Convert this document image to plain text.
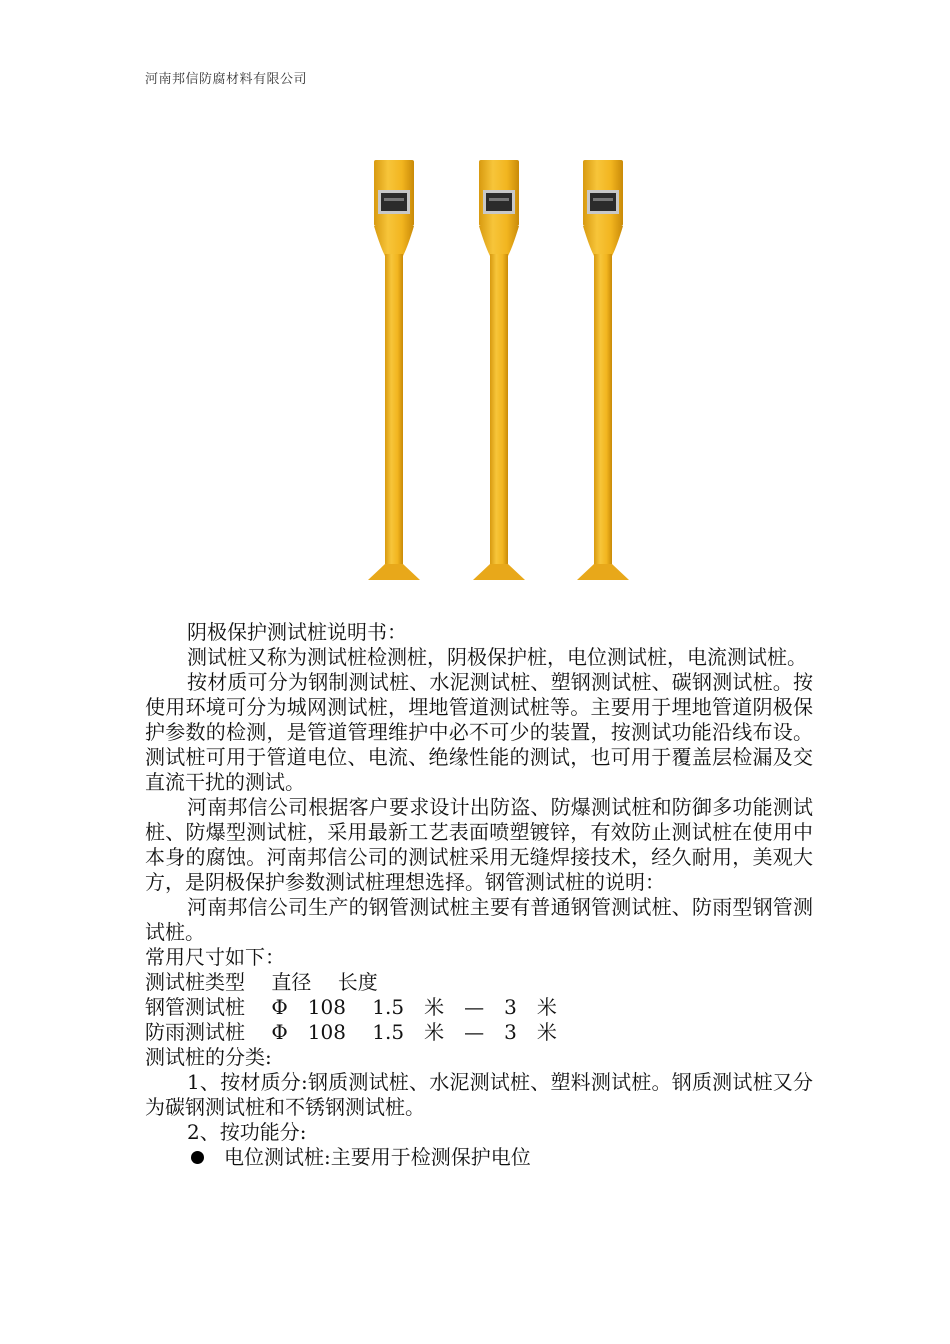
河南邦信防腐材料有限公司

阴极保护测试桩说明书：

测试桩又称为测试桩检测桩，阴极保护桩，电位测试桩，电流测试桩。

按材质可分为钢制测试桩、水泥测试桩、塑钢测试桩、碳钢测试桩。按使用环境可分为城网测试桩，埋地管道测试桩等。主要用于埋地管道阴极保护参数的检测，是管道管理维护中必不可少的装置，按测试功能沿线布设。测试桩可用于管道电位、电流、绝缘性能的测试，也可用于覆盖层检漏及交直流干扰的测试。

河南邦信公司根据客户要求设计出防盗、防爆测试桩和防御多功能测试桩、防爆型测试桩，采用最新工艺表面喷塑镀锌，有效防止测试桩在使用中本身的腐蚀。河南邦信公司的测试桩采用无缝焊接技术，经久耐用，美观大方，是阴极保护参数测试桩理想选择。钢管测试桩的说明：

河南邦信公司生产的钢管测试桩主要有普通钢管测试桩、防雨型钢管测试桩。

常用尺寸如下：

测试桩类型　 直径　 长度

钢管测试桩　 Φ　108　 1.5　米　—　3　米

防雨测试桩　 Φ　108　 1.5　米　—　3　米

测试桩的分类:

1、按材质分:钢质测试桩、水泥测试桩、塑料测试桩。钢质测试桩又分为碳钢测试桩和不锈钢测试桩。

2、按功能分:

电位测试桩:主要用于检测保护电位
